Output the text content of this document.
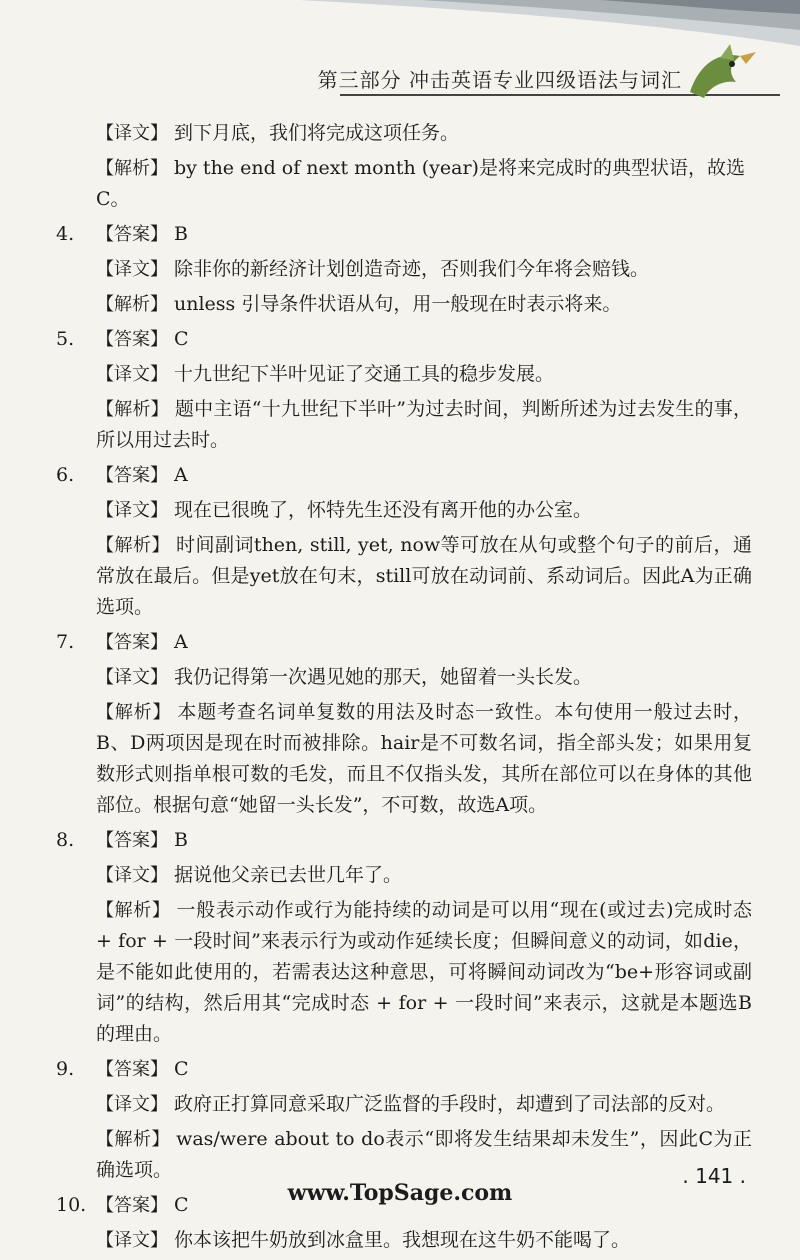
第三部分 冲击英语专业四级语法与词汇
【译文】 到下月底，我们将完成这项任务。
【解析】 by the end of next month (year)是将来完成时的典型状语，故选C。
4. 【答案】 B
【译文】 除非你的新经济计划创造奇迹，否则我们今年将会赔钱。
【解析】 unless 引导条件状语从句，用一般现在时表示将来。
5. 【答案】 C
【译文】 十九世纪下半叶见证了交通工具的稳步发展。
【解析】 题中主语“十九世纪下半叶”为过去时间，判断所述为过去发生的事，所以用过去时。
6. 【答案】 A
【译文】 现在已很晚了，怀特先生还没有离开他的办公室。
【解析】 时间副词then, still, yet, now等可放在从句或整个句子的前后，通常放在最后。但是yet放在句末，still可放在动词前、系动词后。因此A为正确选项。
7. 【答案】 A
【译文】 我仍记得第一次遇见她的那天，她留着一头长发。
【解析】 本题考查名词单复数的用法及时态一致性。本句使用一般过去时，B、D两项因是现在时而被排除。hair是不可数名词，指全部头发；如果用复数形式则指单根可数的毛发，而且不仅指头发，其所在部位可以在身体的其他部位。根据句意“她留一头长发”，不可数，故选A项。
8. 【答案】 B
【译文】 据说他父亲已去世几年了。
【解析】 一般表示动作或行为能持续的动词是可以用“现在(或过去)完成时态 + for + 一段时间”来表示行为或动作延续长度；但瞬间意义的动词，如die，是不能如此使用的，若需表达这种意思，可将瞬间动词改为“be+形容词或副词”的结构，然后用其“完成时态 + for + 一段时间”来表示，这就是本题选B的理由。
9. 【答案】 C
【译文】 政府正打算同意采取广泛监督的手段时，却遭到了司法部的反对。
【解析】 was/were about to do表示“即将发生结果却未发生”，因此C为正确选项。
10. 【答案】 C
【译文】 你本该把牛奶放到冰盒里。我想现在这牛奶不能喝了。
. 141 .
www.TopSage.com
